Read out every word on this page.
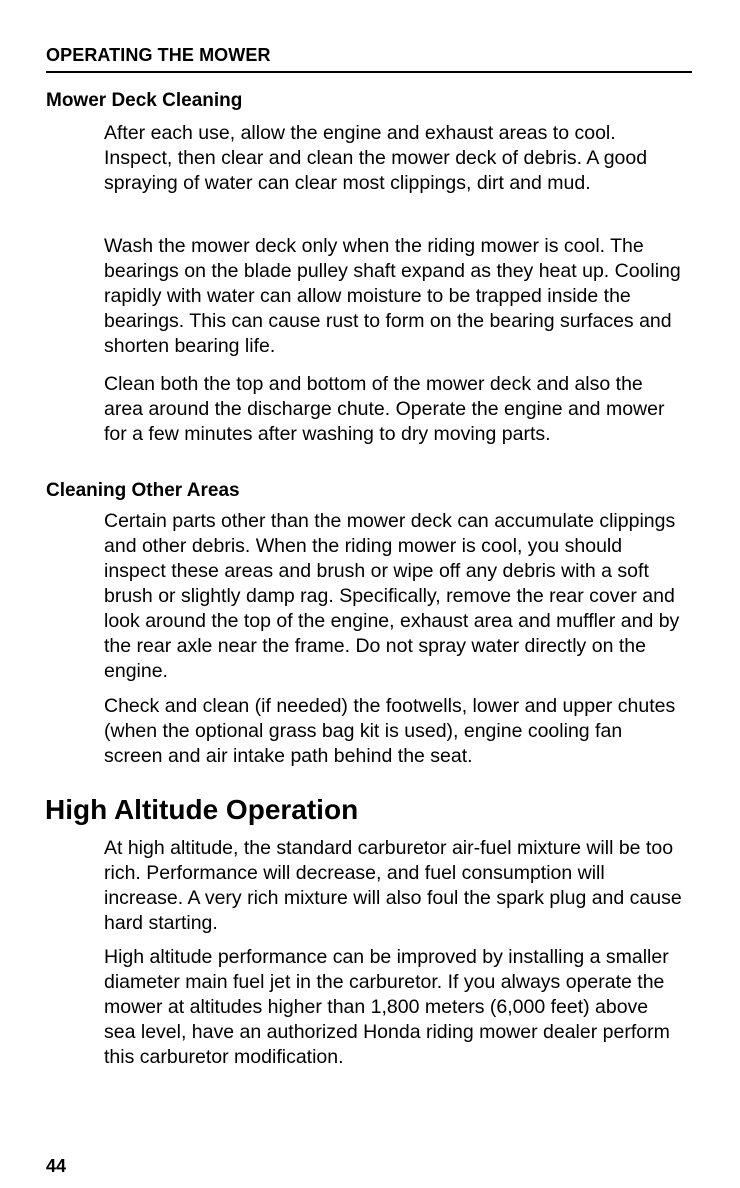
OPERATING THE MOWER
Mower Deck Cleaning

After each use, allow the engine and exhaust areas to cool. Inspect, then clear and clean the mower deck of debris. A good spraying of water can clear most clippings, dirt and mud.

Wash the mower deck only when the riding mower is cool. The bearings on the blade pulley shaft expand as they heat up. Cooling rapidly with water can allow moisture to be trapped inside the bearings. This can cause rust to form on the bearing surfaces and shorten bearing life.

Clean both the top and bottom of the mower deck and also the area around the discharge chute. Operate the engine and mower for a few minutes after washing to dry moving parts.

Cleaning Other Areas

Certain parts other than the mower deck can accumulate clippings and other debris. When the riding mower is cool, you should inspect these areas and brush or wipe off any debris with a soft brush or slightly damp rag. Specifically, remove the rear cover and look around the top of the engine, exhaust area and muffler and by the rear axle near the frame. Do not spray water directly on the engine.

Check and clean (if needed) the footwells, lower and upper chutes (when the optional grass bag kit is used), engine cooling fan screen and air intake path behind the seat.

High Altitude Operation

At high altitude, the standard carburetor air-fuel mixture will be too rich. Performance will decrease, and fuel consumption will increase. A very rich mixture will also foul the spark plug and cause hard starting.

High altitude performance can be improved by installing a smaller diameter main fuel jet in the carburetor. If you always operate the mower at altitudes higher than 1,800 meters (6,000 feet) above sea level, have an authorized Honda riding mower dealer perform this carburetor modification.

44
